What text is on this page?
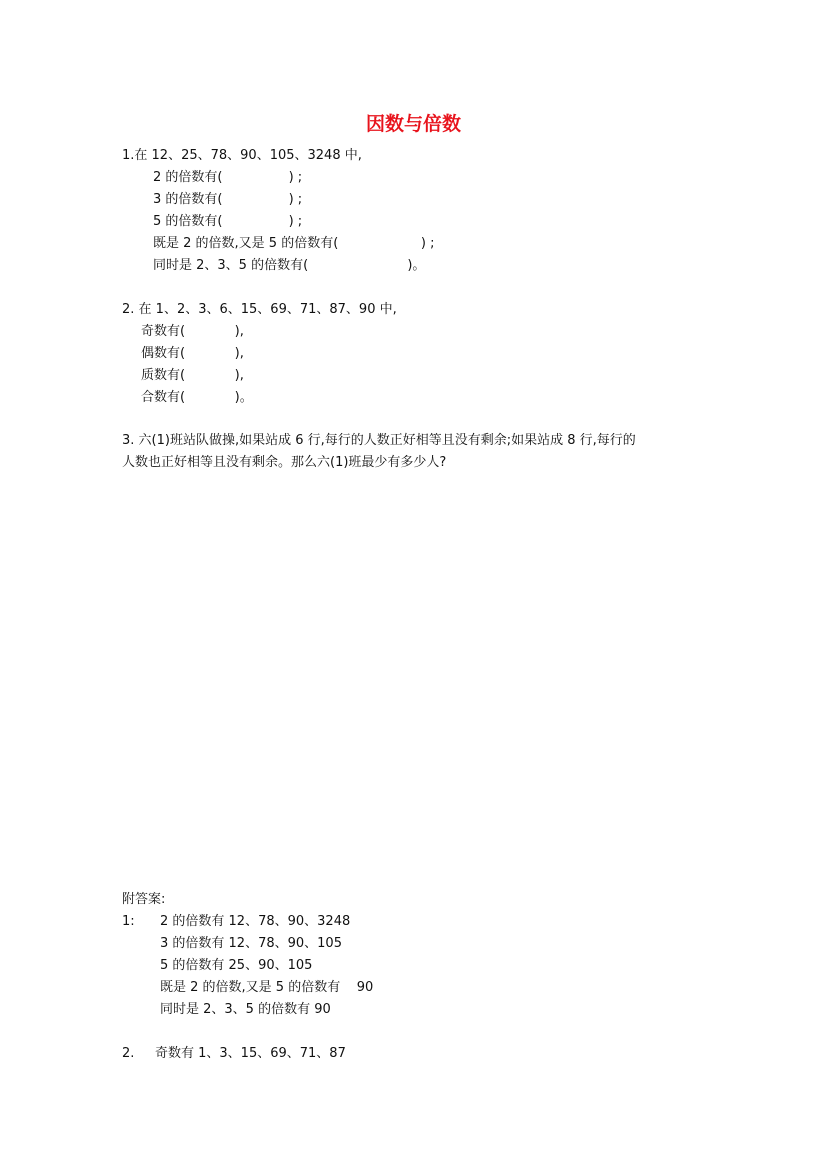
因数与倍数
1.在 12、25、78、90、105、3248 中,
2 的倍数有(                ) ;
3 的倍数有(                ) ;
5 的倍数有(                ) ;
既是 2 的倍数,又是 5 的倍数有(                    ) ;
同时是 2、3、5 的倍数有(                        )。
2. 在 1、2、3、6、15、69、71、87、90 中,
奇数有(            ),
偶数有(            ),
质数有(            ),
合数有(            )。
3. 六(1)班站队做操,如果站成 6 行,每行的人数正好相等且没有剩余;如果站成 8 行,每行的
人数也正好相等且没有剩余。那么六(1)班最少有多少人?
附答案:
1: 2 的倍数有 12、78、90、3248
3 的倍数有 12、78、90、105
5 的倍数有 25、90、105
既是 2 的倍数,又是 5 的倍数有    90
同时是 2、3、5 的倍数有 90
2. 奇数有 1、3、15、69、71、87
